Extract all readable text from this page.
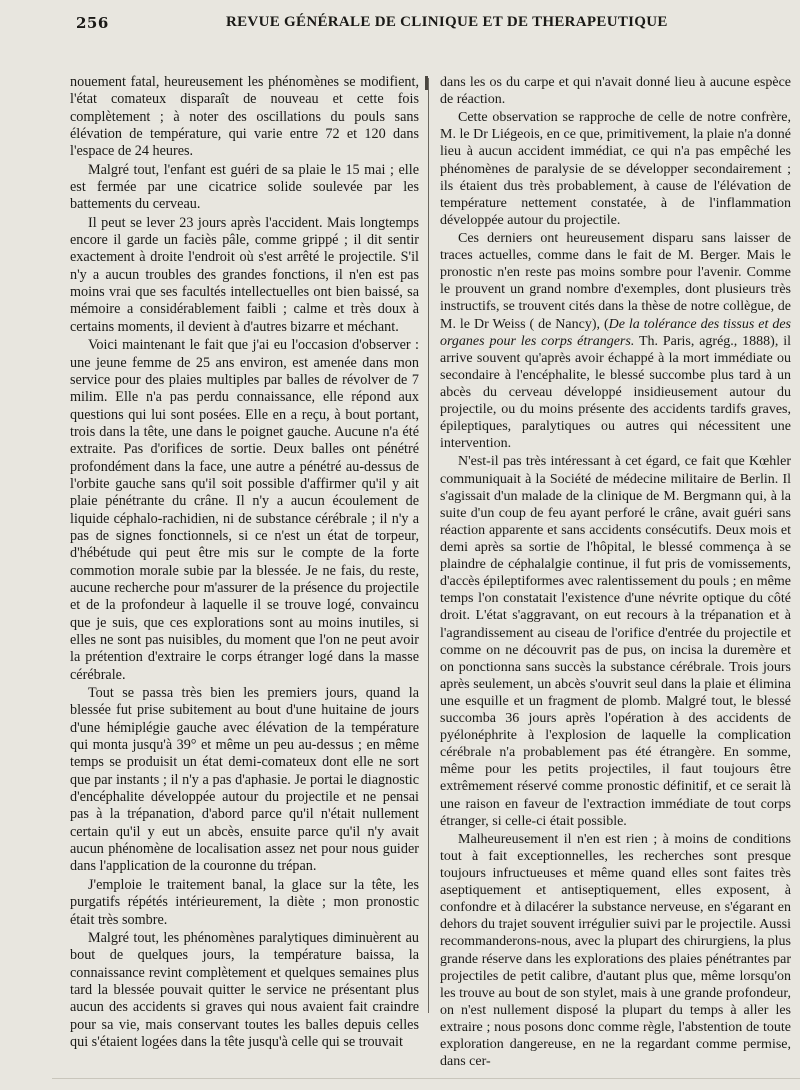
256	REVUE GÉNÉRALE DE CLINIQUE ET DE THERAPEUTIQUE

nouement fatal, heureusement les phénomènes se modifient, l'état comateux disparaît de nouveau et cette fois complètement ; à noter des oscillations du pouls sans élévation de température, qui varie entre 72 et 120 dans l'espace de 24 heures.

Malgré tout, l'enfant est guéri de sa plaie le 15 mai ; elle est fermée par une cicatrice solide soulevée par les battements du cerveau.

Il peut se lever 23 jours après l'accident. Mais longtemps encore il garde un faciès pâle, comme grippé ; il dit sentir exactement à droite l'endroit où s'est arrêté le projectile. S'il n'y a aucun troubles des grandes fonctions, il n'en est pas moins vrai que ses facultés intellectuelles ont bien baissé, sa mémoire a considérablement faibli ; calme et très doux à certains moments, il devient à d'autres bizarre et méchant.

Voici maintenant le fait que j'ai eu l'occasion d'observer : une jeune femme de 25 ans environ, est amenée dans mon service pour des plaies multiples par balles de révolver de 7 milim. Elle n'a pas perdu connaissance, elle répond aux questions qui lui sont posées. Elle en a reçu, à bout portant, trois dans la tête, une dans le poignet gauche. Aucune n'a été extraite. Pas d'orifices de sortie. Deux balles ont pénétré profondément dans la face, une autre a pénétré au-dessus de l'orbite gauche sans qu'il soit possible d'affirmer qu'il y ait plaie pénétrante du crâne. Il n'y a aucun écoulement de liquide céphalo-rachidien, ni de substance cérébrale ; il n'y a pas de signes fonctionnels, si ce n'est un état de torpeur, d'hébétude qui peut être mis sur le compte de la forte commotion morale subie par la blessée. Je ne fais, du reste, aucune recherche pour m'assurer de la présence du projectile et de la profondeur à laquelle il se trouve logé, convaincu que je suis, que ces explorations sont au moins inutiles, si elles ne sont pas nuisibles, du moment que l'on ne peut avoir la prétention d'extraire le corps étranger logé dans la masse cérébrale.

Tout se passa très bien les premiers jours, quand la blessée fut prise subitement au bout d'une huitaine de jours d'une hémiplégie gauche avec élévation de la température qui monta jusqu'à 39° et même un peu au-dessus ; en même temps se produisit un état demi-comateux dont elle ne sort que par instants ; il n'y a pas d'aphasie. Je portai le diagnostic d'encéphalite développée autour du projectile et ne pensai pas à la trépanation, d'abord parce qu'il n'était nullement certain qu'il y eut un abcès, ensuite parce qu'il n'y avait aucun phénomène de localisation assez net pour nous guider dans l'application de la couronne du trépan.

J'emploie le traitement banal, la glace sur la tête, les purgatifs répétés intérieurement, la diète ; mon pronostic était très sombre.

Malgré tout, les phénomènes paralytiques diminuèrent au bout de quelques jours, la température baissa, la connaissance revint complètement et quelques semaines plus tard la blessée pouvait quitter le service ne présentant plus aucun des accidents si graves qui nous avaient fait craindre pour sa vie, mais conservant toutes les balles depuis celles qui s'étaient logées dans la tête jusqu'à celle qui se trouvait

dans les os du carpe et qui n'avait donné lieu à aucune espèce de réaction.

Cette observation se rapproche de celle de notre confrère, M. le Dr Liégeois, en ce que, primitivement, la plaie n'a donné lieu à aucun accident immédiat, ce qui n'a pas empêché les phénomènes de paralysie de se développer secondairement ; ils étaient dus très probablement, à cause de l'élévation de température nettement constatée, à de l'inflammation développée autour du projectile.

Ces derniers ont heureusement disparu sans laisser de traces actuelles, comme dans le fait de M. Berger. Mais le pronostic n'en reste pas moins sombre pour l'avenir. Comme le prouvent un grand nombre d'exemples, dont plusieurs très instructifs, se trouvent cités dans la thèse de notre collègue, de M. le Dr Weiss ( de Nancy), (De la tolérance des tissus et des organes pour les corps étrangers. Th. Paris, agrég., 1888), il arrive souvent qu'après avoir échappé à la mort immédiate ou secondaire à l'encéphalite, le blessé succombe plus tard à un abcès du cerveau développé insidieusement autour du projectile, ou du moins présente des accidents tardifs graves, épileptiques, paralytiques ou autres qui nécessitent une intervention.

N'est-il pas très intéressant à cet égard, ce fait que Kœhler communiquait à la Société de médecine militaire de Berlin. Il s'agissait d'un malade de la clinique de M. Bergmann qui, à la suite d'un coup de feu ayant perforé le crâne, avait guéri sans réaction apparente et sans accidents consécutifs. Deux mois et demi après sa sortie de l'hôpital, le blessé commença à se plaindre de céphalalgie continue, il fut pris de vomissements, d'accès épileptiformes avec ralentissement du pouls ; en même temps l'on constatait l'existence d'une névrite optique du côté droit. L'état s'aggravant, on eut recours à la trépanation et à l'agrandissement au ciseau de l'orifice d'entrée du projectile et comme on ne découvrit pas de pus, on incisa la duremère et on ponctionna sans succès la substance cérébrale. Trois jours après seulement, un abcès s'ouvrit seul dans la plaie et élimina une esquille et un fragment de plomb. Malgré tout, le blessé succomba 36 jours après l'opération à des accidents de pyélonéphrite à l'explosion de laquelle la complication cérébrale n'a probablement pas été étrangère. En somme, même pour les petits projectiles, il faut toujours être extrêmement réservé comme pronostic définitif, et ce serait là une raison en faveur de l'extraction immédiate de tout corps étranger, si celle-ci était possible.

Malheureusement il n'en est rien ; à moins de conditions tout à fait exceptionnelles, les recherches sont presque toujours infructueuses et même quand elles sont faites très aseptiquement et antiseptiquement, elles exposent, à confondre et à dilacérer la substance nerveuse, en s'égarant en dehors du trajet souvent irrégulier suivi par le projectile. Aussi recommanderons-nous, avec la plupart des chirurgiens, la plus grande réserve dans les explorations des plaies pénétrantes par projectiles de petit calibre, d'autant plus que, même lorsqu'on les trouve au bout de son stylet, mais à une grande profondeur, on n'est nullement disposé la plupart du temps à aller les extraire ; nous posons donc comme règle, l'abstention de toute exploration dangereuse, en ne la regardant comme permise, dans cer-
